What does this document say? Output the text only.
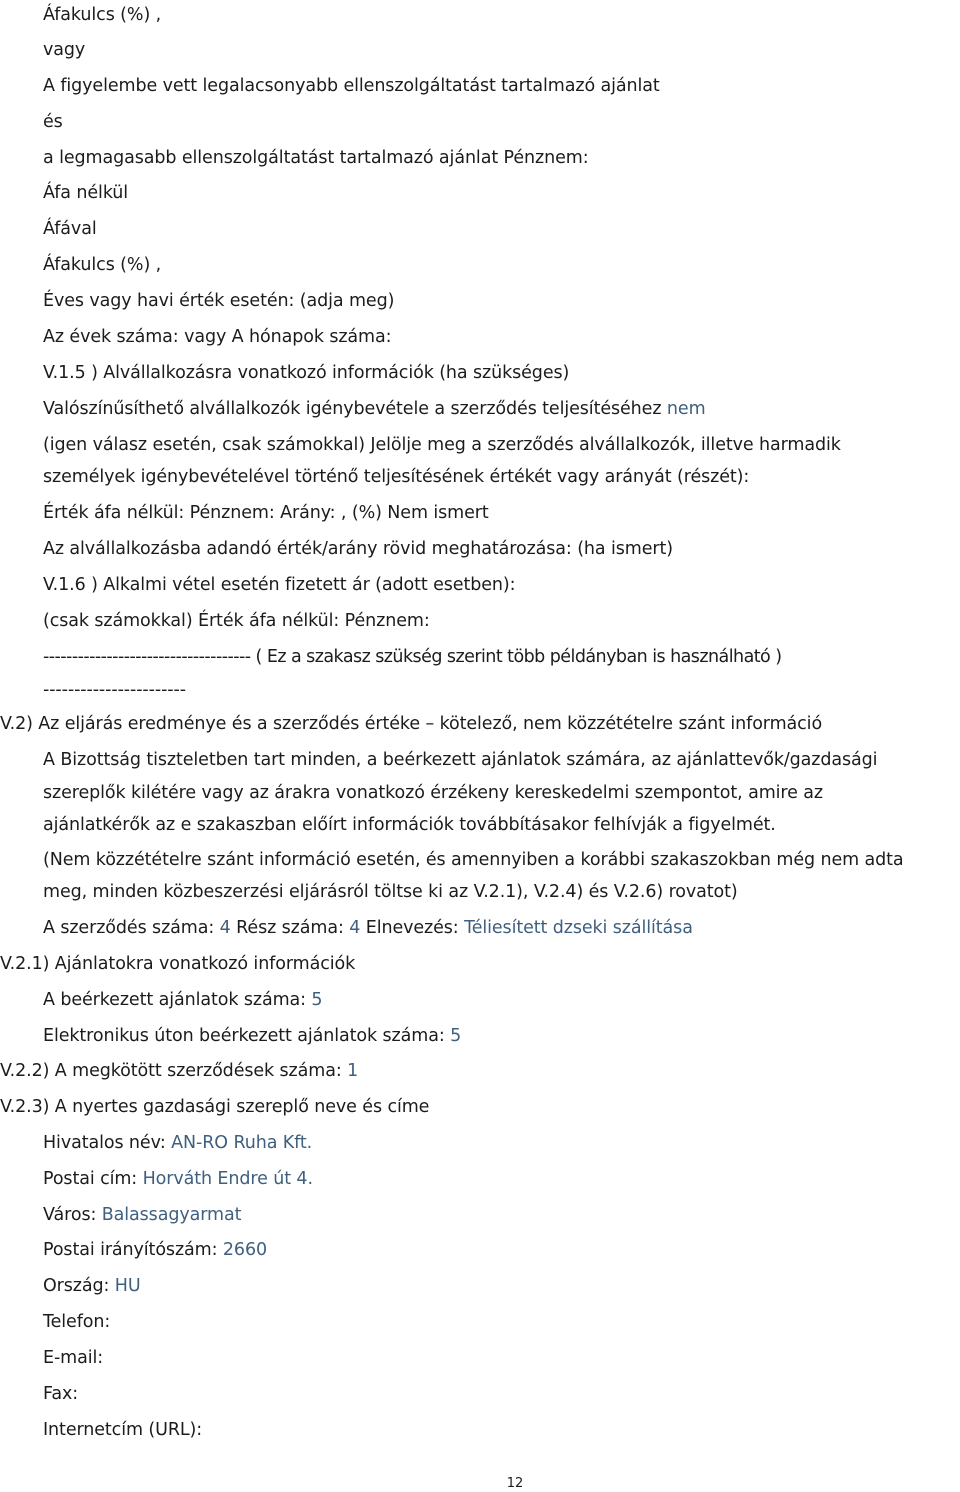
Áfakulcs (%) ,
vagy
A figyelembe vett legalacsonyabb ellenszolgáltatást tartalmazó ajánlat
és
a legmagasabb ellenszolgáltatást tartalmazó ajánlat Pénznem:
Áfa nélkül
Áfával
Áfakulcs (%) ,
Éves vagy havi érték esetén: (adja meg)
Az évek száma: vagy A hónapok száma:
V.1.5 ) Alvállalkozásra vonatkozó információk (ha szükséges)
Valószínűsíthető alvállalkozók igénybevétele a szerződés teljesítéséhez nem
(igen válasz esetén, csak számokkal) Jelölje meg a szerződés alvállalkozók, illetve harmadik
személyek igénybevételével történő teljesítésének értékét vagy arányát (részét):
Érték áfa nélkül: Pénznem: Arány: , (%) Nem ismert
Az alvállalkozásba adandó érték/arány rövid meghatározása: (ha ismert)
V.1.6 ) Alkalmi vétel esetén fizetett ár (adott esetben):
(csak számokkal) Érték áfa nélkül: Pénznem:
------------------------------------ ( Ez a szakasz szükség szerint több példányban is használható )
-----------------------
V.2) Az eljárás eredménye és a szerződés értéke – kötelező, nem közzétételre szánt információ
A Bizottság tiszteletben tart minden, a beérkezett ajánlatok számára, az ajánlattevők/gazdasági
szereplők kilétére vagy az árakra vonatkozó érzékeny kereskedelmi szempontot, amire az
ajánlatkérők az e szakaszban előírt információk továbbításakor felhívják a figyelmét.
(Nem közzétételre szánt információ esetén, és amennyiben a korábbi szakaszokban még nem adta
meg, minden közbeszerzési eljárásról töltse ki az V.2.1), V.2.4) és V.2.6) rovatot)
A szerződés száma: 4 Rész száma: 4 Elnevezés: Téliesített dzseki szállítása
V.2.1) Ajánlatokra vonatkozó információk
A beérkezett ajánlatok száma: 5
Elektronikus úton beérkezett ajánlatok száma: 5
V.2.2) A megkötött szerződések száma: 1
V.2.3) A nyertes gazdasági szereplő neve és címe
Hivatalos név: AN-RO Ruha Kft.
Postai cím: Horváth Endre út 4.
Város: Balassagyarmat
Postai irányítószám: 2660
Ország: HU
Telefon:
E-mail:
Fax:
Internetcím (URL):
12
